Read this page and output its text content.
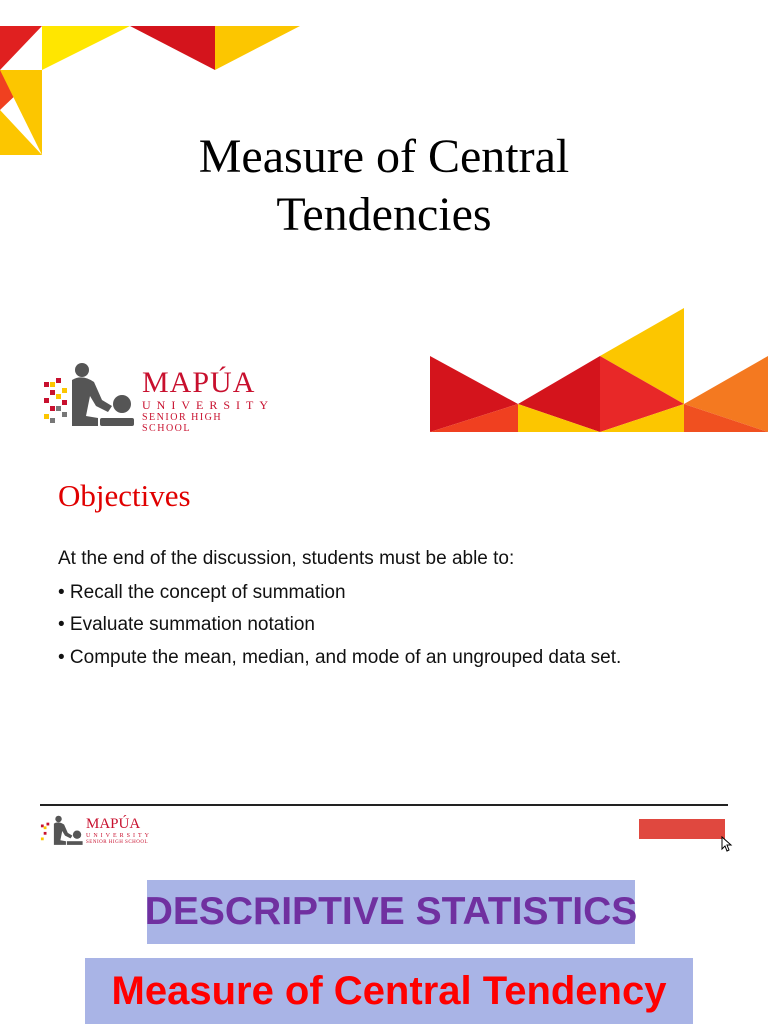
Measure of Central
Tendencies
MAPÚA
UNIVERSITY
SENIOR HIGH SCHOOL
Objectives
At the end of the discussion, students must be able to:
• Recall the concept of summation
• Evaluate summation notation
• Compute the mean, median, and mode of an ungrouped data set.
MAPÚA
UNIVERSITY
SENIOR HIGH SCHOOL
DESCRIPTIVE STATISTICS
Measure of Central Tendency
